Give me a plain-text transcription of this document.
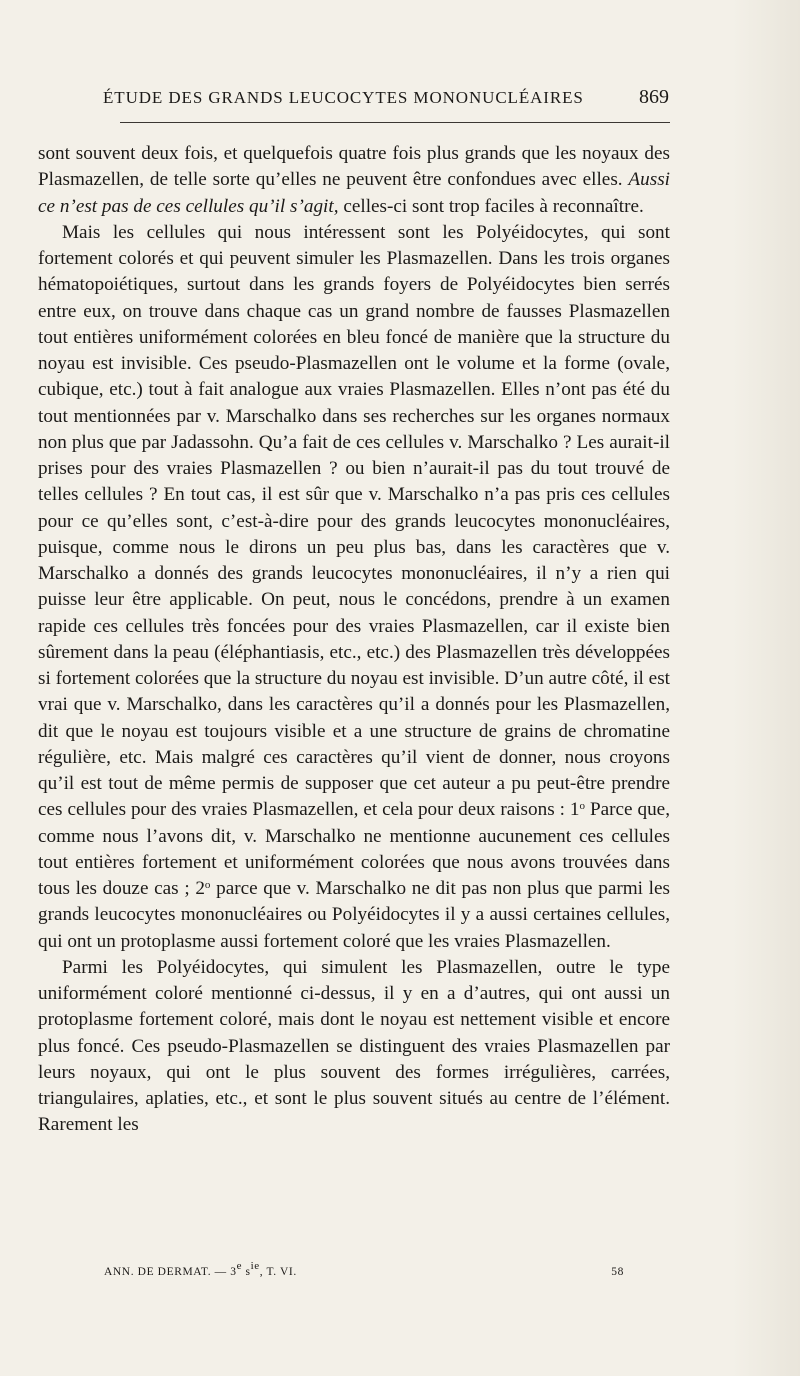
ÉTUDE DES GRANDS LEUCOCYTES MONONUCLÉAIRES	869

sont souvent deux fois, et quelquefois quatre fois plus grands que les noyaux des Plasmazellen, de telle sorte qu’elles ne peuvent être confondues avec elles. Aussi ce n’est pas de ces cellules qu’il s’agit, celles-ci sont trop faciles à reconnaître.

Mais les cellules qui nous intéressent sont les Polyéidocytes, qui sont fortement colorés et qui peuvent simuler les Plasmazellen. Dans les trois organes hématopoiétiques, surtout dans les grands foyers de Polyéidocytes bien serrés entre eux, on trouve dans chaque cas un grand nombre de fausses Plasmazellen tout entières uniformément colorées en bleu foncé de manière que la structure du noyau est invisible. Ces pseudo-Plasmazellen ont le volume et la forme (ovale, cubique, etc.) tout à fait analogue aux vraies Plasmazellen. Elles n’ont pas été du tout mentionnées par v. Marschalko dans ses recherches sur les organes normaux non plus que par Jadassohn. Qu’a fait de ces cellules v. Marschalko ? Les aurait-il prises pour des vraies Plasmazellen ? ou bien n’aurait-il pas du tout trouvé de telles cellules ? En tout cas, il est sûr que v. Marschalko n’a pas pris ces cellules pour ce qu’elles sont, c’est-à-dire pour des grands leucocytes mononucléaires, puisque, comme nous le dirons un peu plus bas, dans les caractères que v. Marschalko a donnés des grands leucocytes mononucléaires, il n’y a rien qui puisse leur être applicable. On peut, nous le concédons, prendre à un examen rapide ces cellules très foncées pour des vraies Plasmazellen, car il existe bien sûrement dans la peau (éléphantiasis, etc., etc.) des Plasmazellen très développées si fortement colorées que la structure du noyau est invisible. D’un autre côté, il est vrai que v. Marschalko, dans les caractères qu’il a donnés pour les Plasmazellen, dit que le noyau est toujours visible et a une structure de grains de chromatine régulière, etc. Mais malgré ces caractères qu’il vient de donner, nous croyons qu’il est tout de même permis de supposer que cet auteur a pu peut-être prendre ces cellules pour des vraies Plasmazellen, et cela pour deux raisons : 1$^o$ Parce que, comme nous l’avons dit, v. Marschalko ne mentionne aucunement ces cellules tout entières fortement et uniformément colorées que nous avons trouvées dans tous les douze cas ; 2$^o$ parce que v. Marschalko ne dit pas non plus que parmi les grands leucocytes mononucléaires ou Polyéidocytes il y a aussi certaines cellules, qui ont un protoplasme aussi fortement coloré que les vraies Plasmazellen.

Parmi les Polyéidocytes, qui simulent les Plasmazellen, outre le type uniformément coloré mentionné ci-dessus, il y en a d’autres, qui ont aussi un protoplasme fortement coloré, mais dont le noyau est nettement visible et encore plus foncé. Ces pseudo-Plasmazellen se distinguent des vraies Plasmazellen par leurs noyaux, qui ont le plus souvent des formes irrégulières, carrées, triangulaires, aplaties, etc., et sont le plus souvent situés au centre de l’élément. Rarement les

ANN. DE DERMAT. — 3e sie, T. VI.	58
